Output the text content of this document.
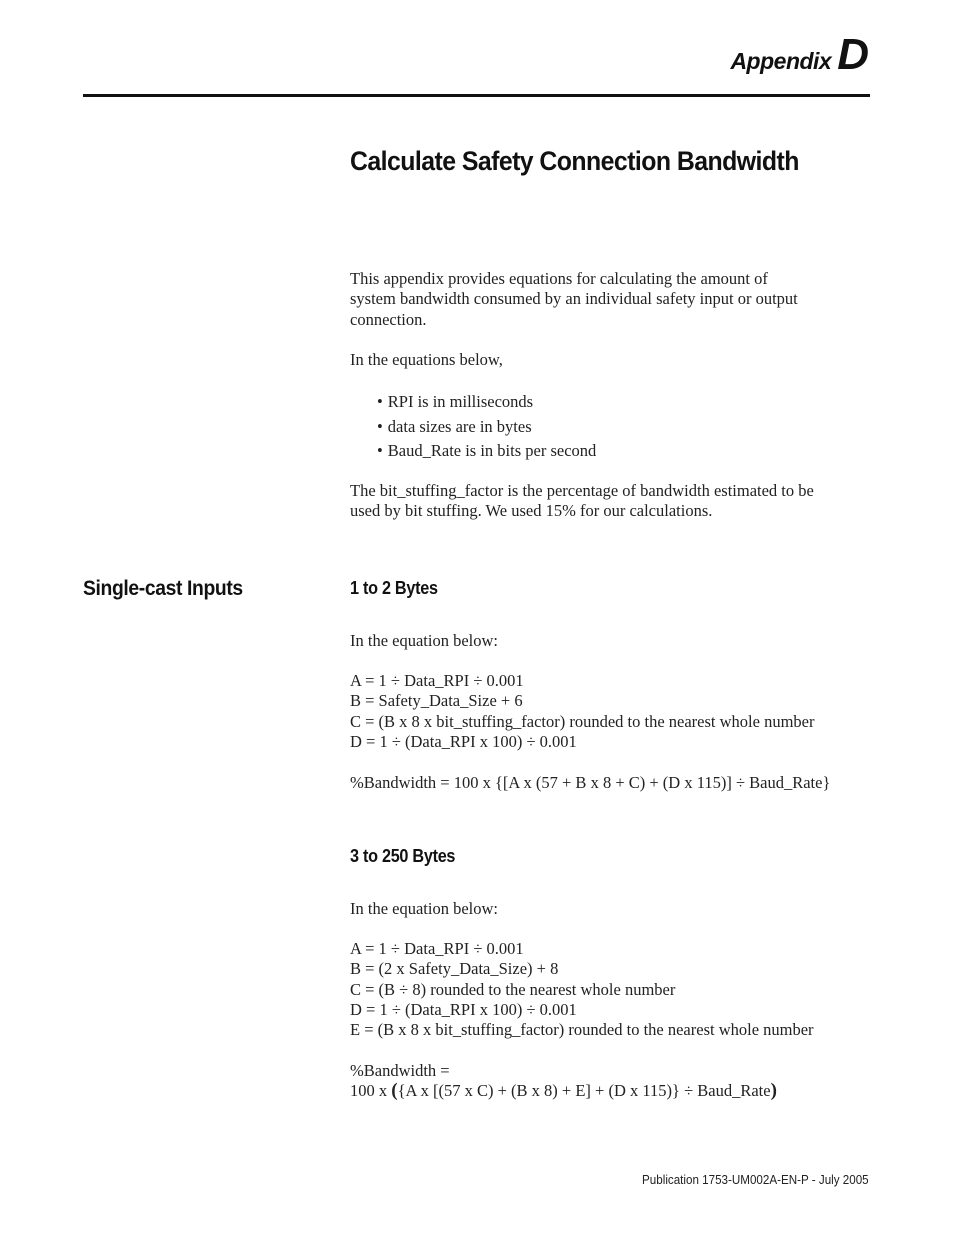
Appendix D
Calculate Safety Connection Bandwidth
This appendix provides equations for calculating the amount of
system bandwidth consumed by an individual safety input or output
connection.
In the equations below,
• RPI is in milliseconds
• data sizes are in bytes
• Baud_Rate is in bits per second
The bit_stuffing_factor is the percentage of bandwidth estimated to be
used by bit stuffing. We used 15% for our calculations.
Single-cast Inputs	1 to 2 Bytes
In the equation below:
A = 1 ÷ Data_RPI ÷ 0.001
B = Safety_Data_Size + 6
C = (B x 8 x bit_stuffing_factor) rounded to the nearest whole number
D = 1 ÷ (Data_RPI x 100) ÷ 0.001
%Bandwidth = 100 x {[A x (57 + B x 8 + C) + (D x 115)] ÷ Baud_Rate}
3 to 250 Bytes
In the equation below:
A = 1 ÷ Data_RPI ÷ 0.001
B = (2 x Safety_Data_Size) + 8
C = (B ÷ 8) rounded to the nearest whole number
D = 1 ÷ (Data_RPI x 100) ÷ 0.001
E = (B x 8 x bit_stuffing_factor) rounded to the nearest whole number
%Bandwidth =
100 x ({A x [(57 x C) + (B x 8) + E] + (D x 115)} ÷ Baud_Rate)
Publication 1753-UM002A-EN-P - July 2005
